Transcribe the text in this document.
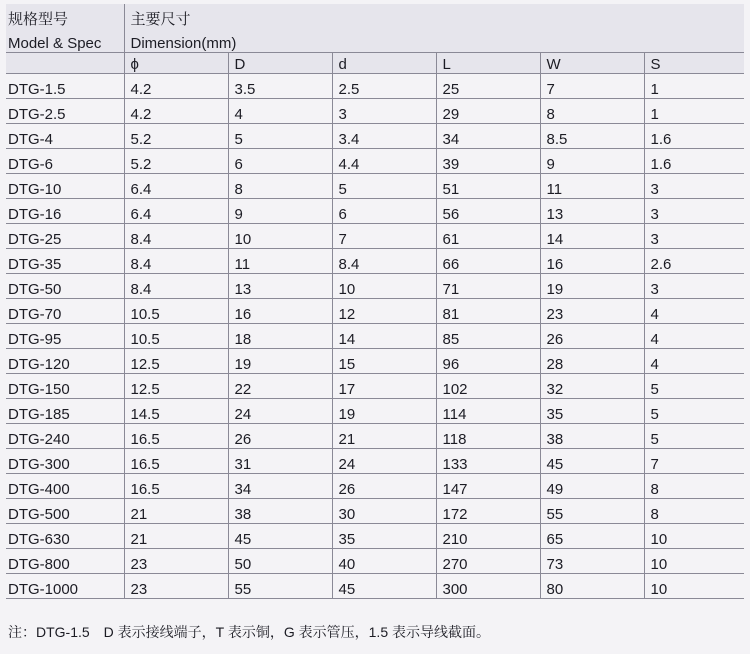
规格型号	主要尺寸					
Model & Spec	Dimension(mm)					
	ϕ	D	d	L	W	S
DTG-1.5	4.2	3.5	2.5	25	7	1
DTG-2.5	4.2	4	3	29	8	1
DTG-4	5.2	5	3.4	34	8.5	1.6
DTG-6	5.2	6	4.4	39	9	1.6
DTG-10	6.4	8	5	51	11	3
DTG-16	6.4	9	6	56	13	3
DTG-25	8.4	10	7	61	14	3
DTG-35	8.4	11	8.4	66	16	2.6
DTG-50	8.4	13	10	71	19	3
DTG-70	10.5	16	12	81	23	4
DTG-95	10.5	18	14	85	26	4
DTG-120	12.5	19	15	96	28	4
DTG-150	12.5	22	17	102	32	5
DTG-185	14.5	24	19	114	35	5
DTG-240	16.5	26	21	118	38	5
DTG-300	16.5	31	24	133	45	7
DTG-400	16.5	34	26	147	49	8
DTG-500	21	38	30	172	55	8
DTG-630	21	45	35	210	65	10
DTG-800	23	50	40	270	73	10
DTG-1000	23	55	45	300	80	10
注：DTG-1.5　D 表示接线端子，T 表示铜，G 表示管压，1.5 表示导线截面。
